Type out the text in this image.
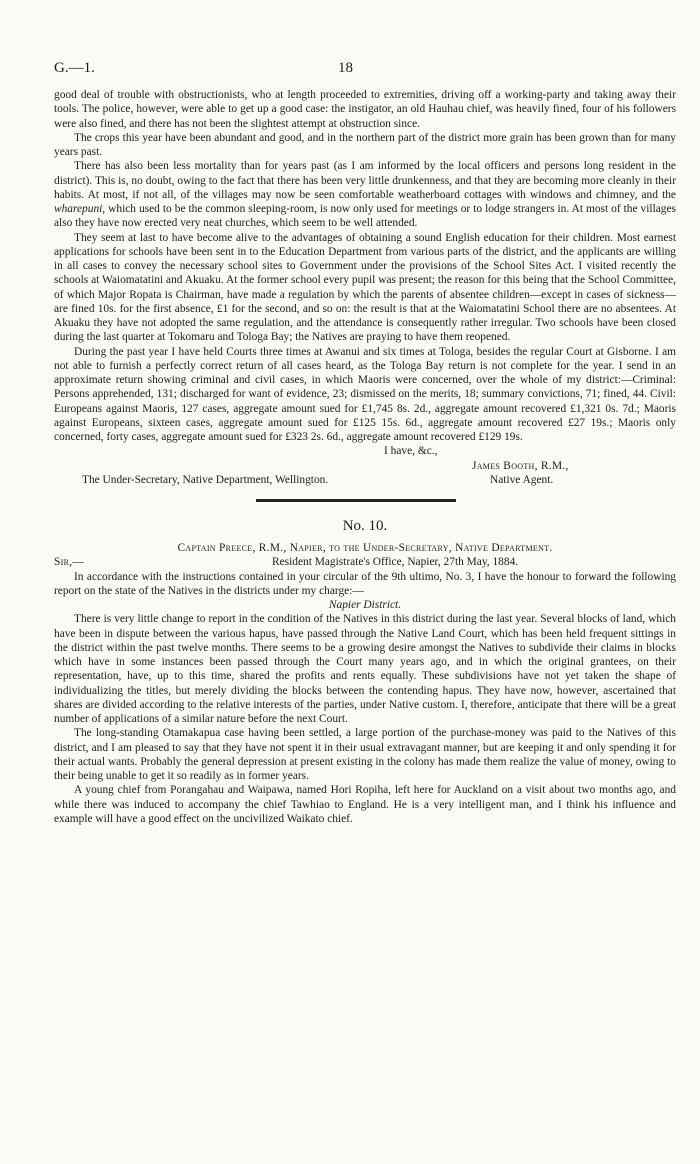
G.—1.	18

good deal of trouble with obstructionists, who at length proceeded to extremities, driving off a working-party and taking away their tools. The police, however, were able to get up a good case: the instigator, an old Hauhau chief, was heavily fined, four of his followers were also fined, and there has not been the slightest attempt at obstruction since.

The crops this year have been abundant and good, and in the northern part of the district more grain has been grown than for many years past.

There has also been less mortality than for years past (as I am informed by the local officers and persons long resident in the district). This is, no doubt, owing to the fact that there has been very little drunkenness, and that they are becoming more cleanly in their habits. At most, if not all, of the villages may now be seen comfortable weatherboard cottages with windows and chimney, and the wharepuni, which used to be the common sleeping-room, is now only used for meetings or to lodge strangers in. At most of the villages also they have now erected very neat churches, which seem to be well attended.

They seem at last to have become alive to the advantages of obtaining a sound English education for their children. Most earnest applications for schools have been sent in to the Education Department from various parts of the district, and the applicants are willing in all cases to convey the necessary school sites to Government under the provisions of the School Sites Act. I visited recently the schools at Waiomatatini and Akuaku. At the former school every pupil was present; the reason for this being that the School Committee, of which Major Ropata is Chairman, have made a regulation by which the parents of absentee children—except in cases of sickness—are fined 10s. for the first absence, £1 for the second, and so on: the result is that at the Waiomatatini School there are no absentees. At Akuaku they have not adopted the same regulation, and the attendance is consequently rather irregular. Two schools have been closed during the last quarter at Tokomaru and Tologa Bay; the Natives are praying to have them reopened.

During the past year I have held Courts three times at Awanui and six times at Tologa, besides the regular Court at Gisborne. I am not able to furnish a perfectly correct return of all cases heard, as the Tologa Bay return is not complete for the year. I send in an approximate return showing criminal and civil cases, in which Maoris were concerned, over the whole of my district:—Criminal: Persons apprehended, 131; discharged for want of evidence, 23; dismissed on the merits, 18; summary convictions, 71; fined, 44. Civil: Europeans against Maoris, 127 cases, aggregate amount sued for £1,745 8s. 2d., aggregate amount recovered £1,321 0s. 7d.; Maoris against Europeans, sixteen cases, aggregate amount sued for £125 15s. 6d., aggregate amount recovered £27 19s.; Maoris only concerned, forty cases, aggregate amount sued for £323 2s. 6d., aggregate amount recovered £129 19s.

I have, &c.,
James Booth, R.M.,
The Under-Secretary, Native Department, Wellington.	Native Agent.
No. 10.

Captain Preece, R.M., Napier, to the Under-Secretary, Native Department.

Sir,—	Resident Magistrate's Office, Napier, 27th May, 1884.

In accordance with the instructions contained in your circular of the 9th ultimo, No. 3, I have the honour to forward the following report on the state of the Natives in the districts under my charge:—

Napier District.

There is very little change to report in the condition of the Natives in this district during the last year. Several blocks of land, which have been in dispute between the various hapus, have passed through the Native Land Court, which has been held frequent sittings in the district within the past twelve months. There seems to be a growing desire amongst the Natives to subdivide their claims in blocks which have in some instances been passed through the Court many years ago, and in which the original grantees, on their representation, have, up to this time, shared the profits and rents equally. These subdivisions have not yet taken the shape of individualizing the titles, but merely dividing the blocks between the contending hapus. They have now, however, ascertained that shares are divided according to the relative interests of the parties, under Native custom. I, therefore, anticipate that there will be a great number of applications of a similar nature before the next Court.

The long-standing Otamakapua case having been settled, a large portion of the purchase-money was paid to the Natives of this district, and I am pleased to say that they have not spent it in their usual extravagant manner, but are keeping it and only spending it for their actual wants. Probably the general depression at present existing in the colony has made them realize the value of money, owing to their being unable to get it so readily as in former years.

A young chief from Porangahau and Waipawa, named Hori Ropiha, left here for Auckland on a visit about two months ago, and while there was induced to accompany the chief Tawhiao to England. He is a very intelligent man, and I think his influence and example will have a good effect on the uncivilized Waikato chief.
